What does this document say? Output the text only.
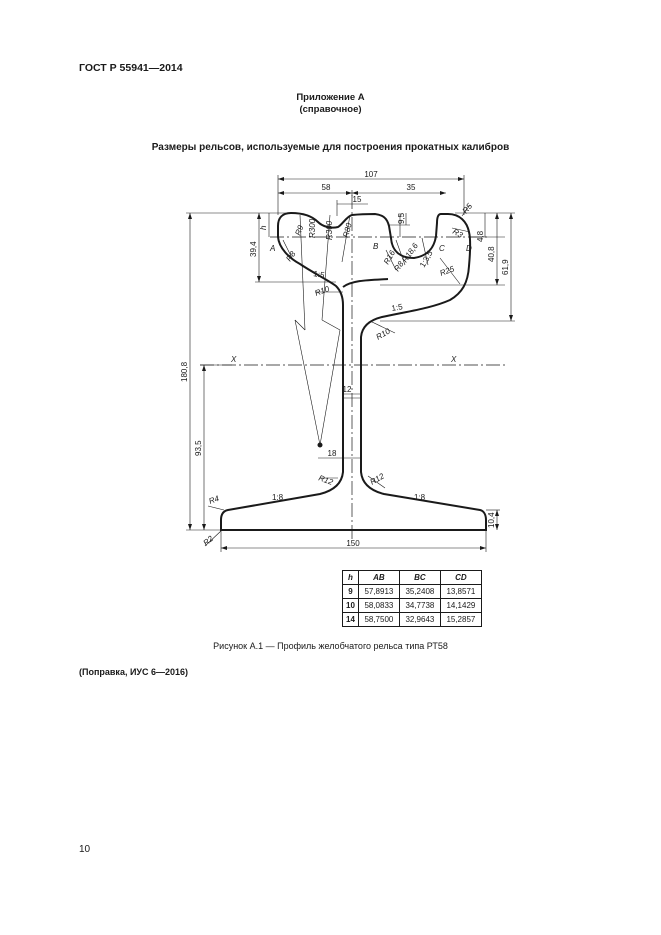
ГОСТ Р 55941—2014
Приложение А
(справочное)
Размеры рельсов, используемые для построения прокатных калибров
107
58	35
15
9,5
4,8
39,4
h
40,8
61,9
180,8
93,5
12
18
150
10,4
R8
R9 R300 R300 R80
R10
R10
R16
R8
R18,6
R25
R3
R5
R12	R12
R4
R2
1:5
1:5
1:8	1:8
1:3,5
A	B	C	D
X	X
h	AB	BC	CD
9	57,8913	35,2408	13,8571
10	58,0833	34,7738	14,1429
14	58,7500	32,9643	15,2857
Рисунок А.1 — Профиль желобчатого рельса типа РТ58
(Поправка, ИУС 6—2016)
10
